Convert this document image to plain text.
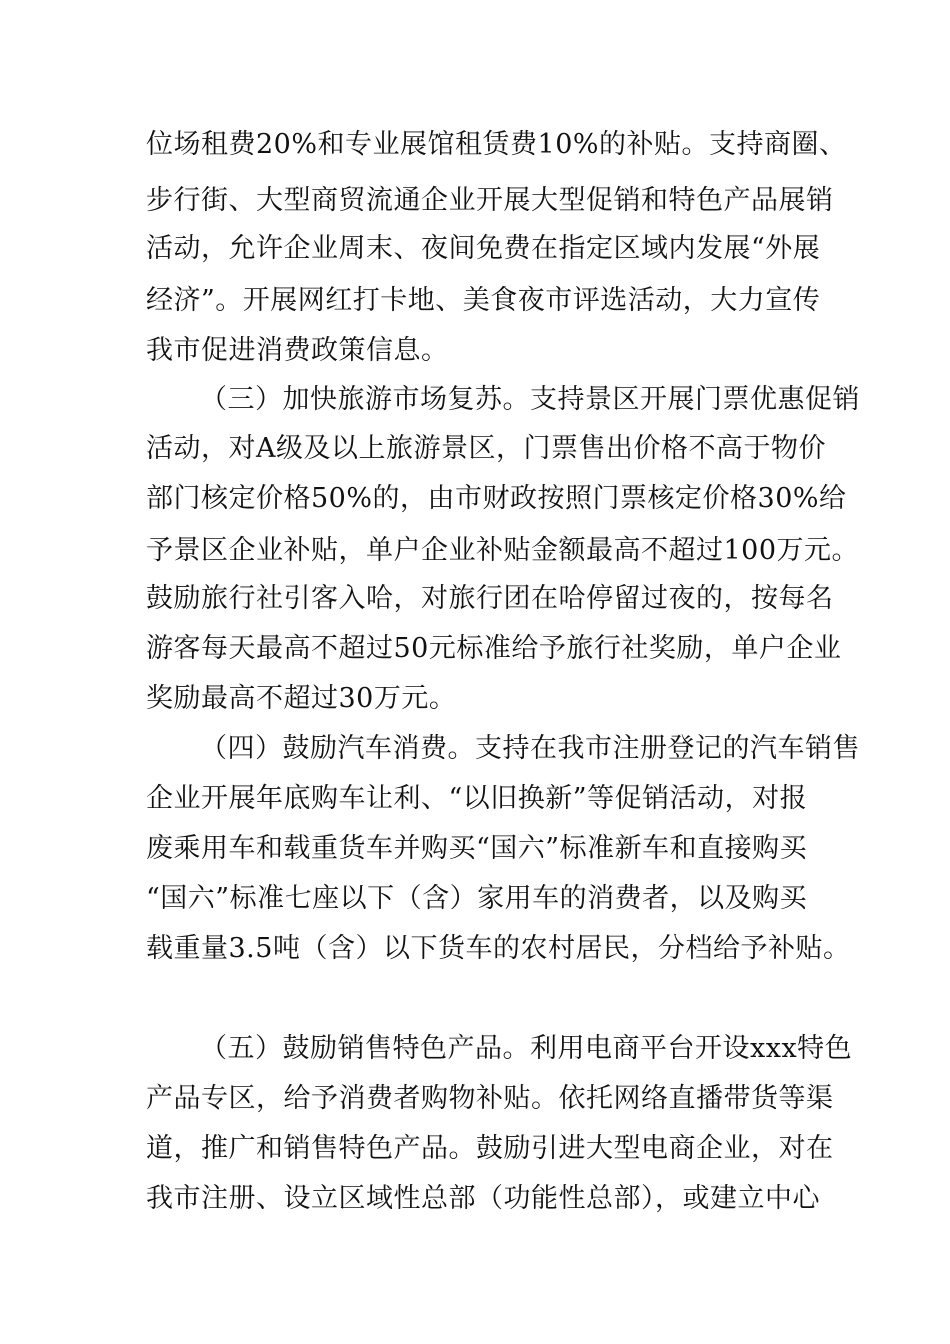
位场租费20%和专业展馆租赁费10%的补贴。支持商圈、
步行街、大型商贸流通企业开展大型促销和特色产品展销
活动，允许企业周末、夜间免费在指定区域内发展“外展
经济”。开展网红打卡地、美食夜市评选活动，大力宣传
我市促进消费政策信息。
（三）加快旅游市场复苏。支持景区开展门票优惠促销
活动，对A级及以上旅游景区，门票售出价格不高于物价
部门核定价格50%的，由市财政按照门票核定价格30%给
予景区企业补贴，单户企业补贴金额最高不超过100万元。
鼓励旅行社引客入哈，对旅行团在哈停留过夜的，按每名
游客每天最高不超过50元标准给予旅行社奖励，单户企业
奖励最高不超过30万元。
（四）鼓励汽车消费。支持在我市注册登记的汽车销售
企业开展年底购车让利、“以旧换新”等促销活动，对报
废乘用车和载重货车并购买“国六”标准新车和直接购买
“国六”标准七座以下（含）家用车的消费者，以及购买
载重量3.5吨（含）以下货车的农村居民，分档给予补贴。
（五）鼓励销售特色产品。利用电商平台开设xxx特色
产品专区，给予消费者购物补贴。依托网络直播带货等渠
道，推广和销售特色产品。鼓励引进大型电商企业，对在
我市注册、设立区域性总部（功能性总部），或建立中心
